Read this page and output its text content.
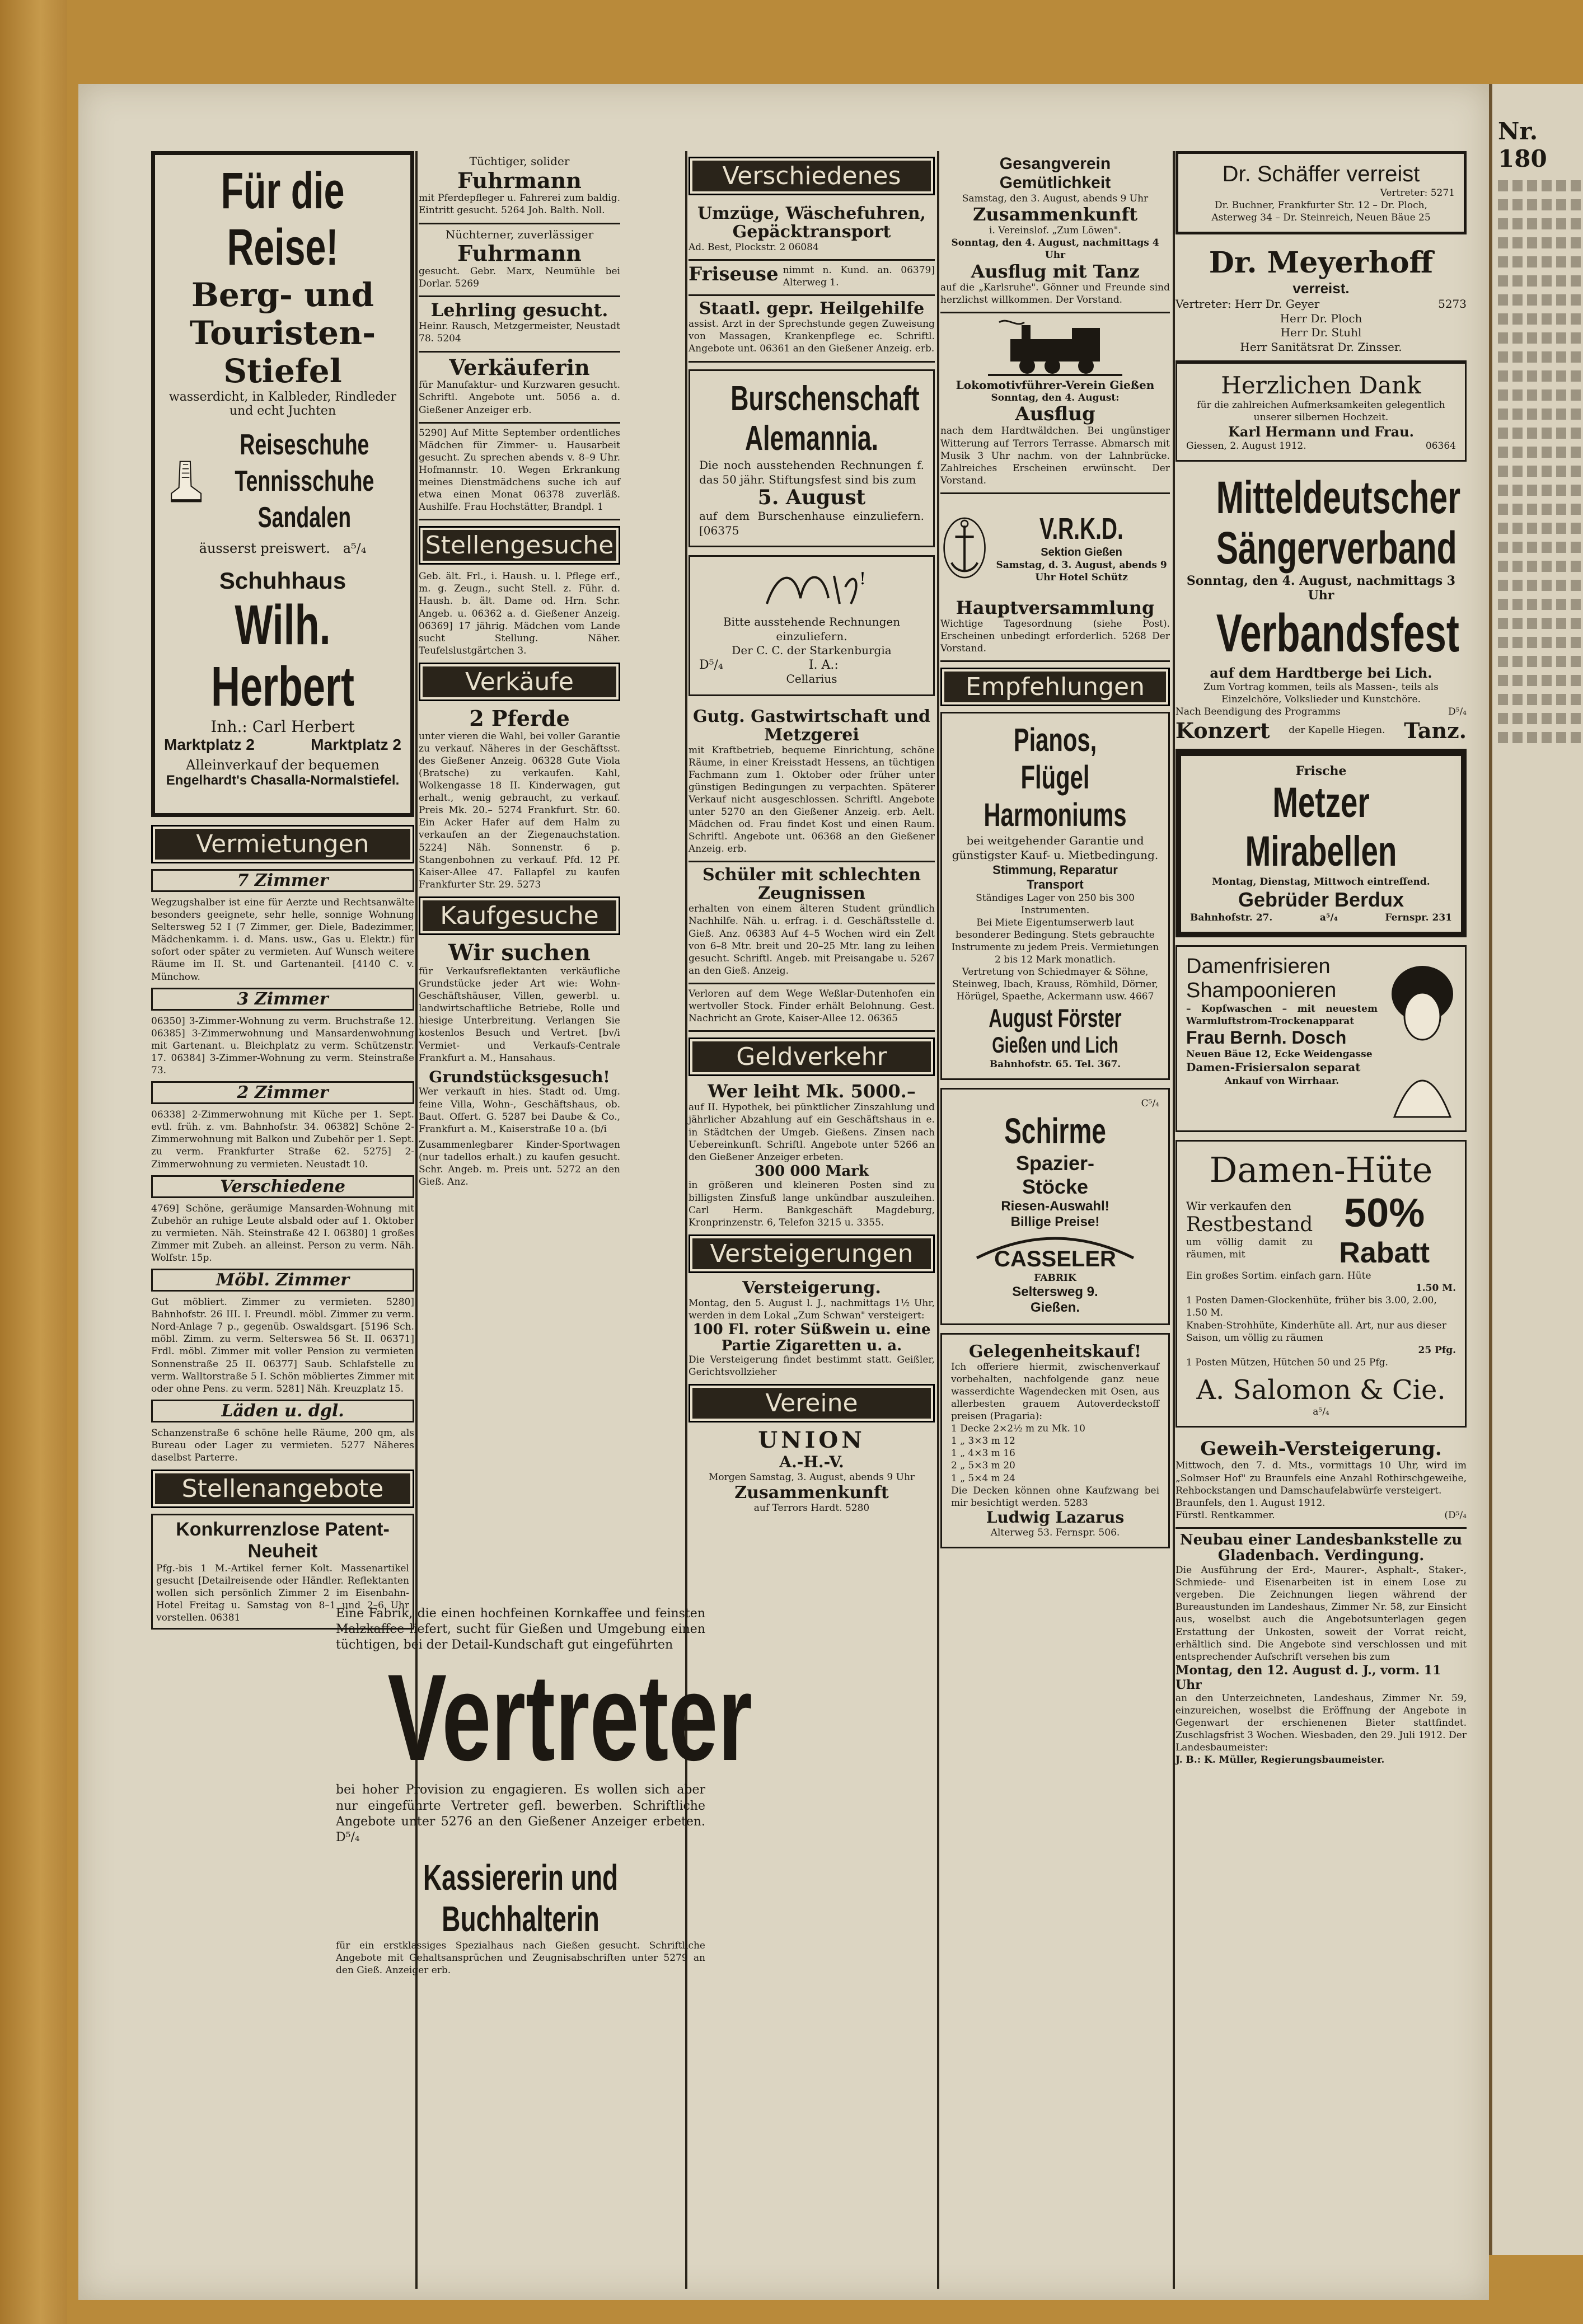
Für die Reise!
Berg- und
Touristen-Stiefel
wasserdicht, in Kalbleder, Rindleder und echt Juchten
Reiseschuhe
Tennisschuhe
Sandalen
äusserst preiswert. a⁵/₄
Schuhhaus
Wilh. Herbert
Inh.: Carl Herbert
Marktplatz 2	Marktplatz 2
Alleinverkauf der bequemen
Engelhardt's Chasalla-Normalstiefel.
Vermietungen
7 Zimmer
Wegzugshalber ist eine für Aerzte und Rechtsanwälte besonders geeignete, sehr helle, sonnige Wohnung Seltersweg 52 I (7 Zimmer, ger. Diele, Badezimmer, Mädchenkamm. i. d. Mans. usw., Gas u. Elektr.) für sofort oder später zu vermieten. Auf Wunsch weitere Räume im II. St. und Gartenanteil. [4140 C. v. Münchow.
3 Zimmer
06350] 3-Zimmer-Wohnung zu verm. Bruchstraße 12. 06385] 3-Zimmerwohnung und Mansardenwohnung mit Gartenant. u. Bleichplatz zu verm. Schützenstr. 17. 06384] 3-Zimmer-Wohnung zu verm. Steinstraße 73.
2 Zimmer
06338] 2-Zimmerwohnung mit Küche per 1. Sept. evtl. früh. z. vm. Bahnhofstr. 34. 06382] Schöne 2-Zimmerwohnung mit Balkon und Zubehör per 1. Sept. zu verm. Frankfurter Straße 62. 5275] 2-Zimmerwohnung zu vermieten. Neustadt 10.
Verschiedene
4769] Schöne, geräumige Mansarden-Wohnung mit Zubehör an ruhige Leute alsbald oder auf 1. Oktober zu vermieten. Näh. Steinstraße 42 I. 06380] 1 großes Zimmer mit Zubeh. an alleinst. Person zu verm. Näh. Wolfstr. 15p.
Möbl. Zimmer
Gut möbliert. Zimmer zu vermieten. 5280] Bahnhofstr. 26 III. I. Freundl. möbl. Zimmer zu verm. Nord-Anlage 7 p., gegenüb. Oswaldsgart. [5196 Sch. möbl. Zimm. zu verm. Selterswea 56 St. II. 06371] Frdl. möbl. Zimmer mit voller Pension zu vermieten Sonnenstraße 25 II. 06377] Saub. Schlafstelle zu verm. Walltorstraße 5 I. Schön möbliertes Zimmer mit oder ohne Pens. zu verm. 5281] Näh. Kreuzplatz 15.
Läden u. dgl.
Schanzenstraße 6 schöne helle Räume, 200 qm, als Bureau oder Lager zu vermieten. 5277 Näheres daselbst Parterre.
Stellenangebote
Konkurrenzlose Patent-Neuheit
Pfg.-bis 1 M.-Artikel ferner Kolt. Massenartikel gesucht [Detailreisende oder Händler. Reflektanten wollen sich persönlich Zimmer 2 im Eisenbahn-Hotel Freitag u. Samstag von 8–1 und 2–6 Uhr vorstellen. 06381
Tüchtiger, solider
Fuhrmann
mit Pferdepfleger u. Fahrerei zum baldig. Eintritt gesucht. 5264 Joh. Balth. Noll.
Nüchterner, zuverlässiger
Fuhrmann
gesucht. Gebr. Marx, Neumühle bei Dorlar. 5269
Lehrling gesucht.
Heinr. Rausch, Metzgermeister, Neustadt 78. 5204
Verkäuferin
für Manufaktur- und Kurzwaren gesucht. Schriftl. Angebote unt. 5056 a. d. Gießener Anzeiger erb.
5290] Auf Mitte September ordentliches Mädchen für Zimmer- u. Hausarbeit gesucht. Zu sprechen abends v. 8–9 Uhr. Hofmannstr. 10. Wegen Erkrankung meines Dienstmädchens suche ich auf etwa einen Monat 06378 zuverläß. Aushilfe. Frau Hochstätter, Brandpl. 1
Stellengesuche
Geb. ält. Frl., i. Haush. u. l. Pflege erf., m. g. Zeugn., sucht Stell. z. Führ. d. Haush. b. ält. Dame od. Hrn. Schr. Angeb. u. 06362 a. d. Gießener Anzeig. 06369] 17 jährig. Mädchen vom Lande sucht Stellung. Näher. Teufelslustgärtchen 3.
Verkäufe
2 Pferde
unter vieren die Wahl, bei voller Garantie zu verkauf. Näheres in der Geschäftsst. des Gießener Anzeig. 06328 Gute Viola (Bratsche) zu verkaufen. Kahl, Wolkengasse 18 II. Kinderwagen, gut erhalt., wenig gebraucht, zu verkauf. Preis Mk. 20.– 5274 Frankfurt. Str. 60. Ein Acker Hafer auf dem Halm zu verkaufen an der Ziegenauchstation. 5224] Näh. Sonnenstr. 6 p. Stangenbohnen zu verkauf. Pfd. 12 Pf. Kaiser-Allee 47. Fallapfel zu kaufen Frankfurter Str. 29. 5273
Kaufgesuche
Wir suchen
für Verkaufsreflektanten verkäufliche Grundstücke jeder Art wie: Wohn-Geschäftshäuser, Villen, gewerbl. u. landwirtschaftliche Betriebe, Rolle und hiesige Unterbreitung. Verlangen Sie kostenlos Besuch und Vertret. [bv/i Vermiet- und Verkaufs-Centrale Frankfurt a. M., Hansahaus.
Grundstücksgesuch!
Wer verkauft in hies. Stadt od. Umg. feine Villa, Wohn-, Geschäftshaus, ob. Baut. Offert. G. 5287 bei Daube & Co., Frankfurt a. M., Kaiserstraße 10 a. (b/i
Zusammenlegbarer Kinder-Sportwagen (nur tadellos erhalt.) zu kaufen gesucht. Schr. Angeb. m. Preis unt. 5272 an den Gieß. Anz.
Verschiedenes
Umzüge, Wäschefuhren, Gepäcktransport
Ad. Best, Plockstr. 2 06084
Friseuse nimmt n. Kund. an. 06379] Alterweg 1.
Staatl. gepr. Heilgehilfe
assist. Arzt in der Sprechstunde gegen Zuweisung von Massagen, Krankenpflege ec. Schriftl. Angebote unt. 06361 an den Gießener Anzeig. erb.
Burschenschaft
Alemannia.
Die noch ausstehenden Rechnungen f. das 50 jähr. Stiftungsfest sind bis zum
5. August
auf dem Burschenhause einzuliefern. [06375
!
Bitte ausstehende Rechnungen einzuliefern.
Der C. C. der Starkenburgia
D⁵/₄	I. A.:
Cellarius
Gutg. Gastwirtschaft und Metzgerei
mit Kraftbetrieb, bequeme Einrichtung, schöne Räume, in einer Kreisstadt Hessens, an tüchtigen Fachmann zum 1. Oktober oder früher unter günstigen Bedingungen zu verpachten. Späterer Verkauf nicht ausgeschlossen. Schriftl. Angebote unter 5270 an den Gießener Anzeig. erb. Aelt. Mädchen od. Frau findet Kost und einen Raum. Schriftl. Angebote unt. 06368 an den Gießener Anzeig. erb.
Schüler mit schlechten Zeugnissen
erhalten von einem älteren Student gründlich Nachhilfe. Näh. u. erfrag. i. d. Geschäftsstelle d. Gieß. Anz. 06383 Auf 4–5 Wochen wird ein Zelt von 6–8 Mtr. breit und 20–25 Mtr. lang zu leihen gesucht. Schriftl. Angeb. mit Preisangabe u. 5267 an den Gieß. Anzeig.
Verloren auf dem Wege Weßlar-Dutenhofen ein wertvoller Stock. Finder erhält Belohnung. Gest. Nachricht an Grote, Kaiser-Allee 12. 06365
Geldverkehr
Wer leiht Mk. 5000.–
auf II. Hypothek, bei pünktlicher Zinszahlung und jährlicher Abzahlung auf ein Geschäftshaus in e. in Städtchen der Umgeb. Gießens. Zinsen nach Uebereinkunft. Schriftl. Angebote unter 5266 an den Gießener Anzeiger erbeten.
300 000 Mark
in größeren und kleineren Posten sind zu billigsten Zinsfuß lange unkündbar auszuleihen. Carl Herm. Bankgeschäft Magdeburg, Kronprinzenstr. 6, Telefon 3215 u. 3355.
Versteigerungen
Versteigerung.
Montag, den 5. August l. J., nachmittags 1½ Uhr, werden in dem Lokal „Zum Schwan" versteigert:
100 Fl. roter Süßwein u. eine Partie Zigaretten u. a.
Die Versteigerung findet bestimmt statt. Geißler, Gerichtsvollzieher
Vereine
UNION
A.-H.-V.
Morgen Samstag, 3. August, abends 9 Uhr
Zusammenkunft
auf Terrors Hardt. 5280
Gesangverein
Gemütlichkeit
Samstag, den 3. August, abends 9 Uhr
Zusammenkunft
i. Vereinslof. „Zum Löwen".
Sonntag, den 4. August, nachmittags 4 Uhr
Ausflug mit Tanz
auf die „Karlsruhe". Gönner und Freunde sind herzlichst willkommen. Der Vorstand.
Lokomotivführer-Verein Gießen
Sonntag, den 4. August:
Ausflug
nach dem Hardtwäldchen. Bei ungünstiger Witterung auf Terrors Terrasse. Abmarsch mit Musik 3 Uhr nachm. von der Lahnbrücke. Zahlreiches Erscheinen erwünscht. Der Vorstand.
V.R.K.D.
Sektion Gießen
Samstag, d. 3. August, abends 9 Uhr Hotel Schütz
Hauptversammlung
Wichtige Tagesordnung (siehe Post). Erscheinen unbedingt erforderlich. 5268 Der Vorstand.
Empfehlungen
Pianos, Flügel
Harmoniums
bei weitgehender Garantie und günstigster Kauf- u. Mietbedingung.
Stimmung, Reparatur
Transport
Ständiges Lager von 250 bis 300 Instrumenten.
Bei Miete Eigentumserwerb laut besonderer Bedingung. Stets gebrauchte Instrumente zu jedem Preis. Vermietungen 2 bis 12 Mark monatlich.
Vertretung von Schiedmayer & Söhne, Steinweg, Ibach, Krauss, Römhild, Dörner, Hörügel, Spaethe, Ackermann usw. 4667
August Förster
Gießen und Lich
Bahnhofstr. 65. Tel. 367.
C⁵/₄
Schirme
Spazier-
Stöcke
Riesen-Auswahl!
Billige Preise!
CASSELER
FABRIK
Seltersweg 9.
Gießen.
Gelegenheitskauf!
Ich offeriere hiermit, zwischenverkauf vorbehalten, nachfolgende ganz neue wasserdichte Wagendecken mit Osen, aus allerbesten grauem Autoverdeckstoff preisen (Pragaria):
1 Decke 2×2½ m zu Mk. 10
1 „ 3×3 m 12
1 „ 4×3 m 16
2 „ 5×3 m 20
1 „ 5×4 m 24
Die Decken können ohne Kaufzwang bei mir besichtigt werden. 5283
Ludwig Lazarus
Alterweg 53. Fernspr. 506.
Dr. Schäffer verreist
Vertreter: 5271
Dr. Buchner, Frankfurter Str. 12 – Dr. Ploch,
Asterweg 34 – Dr. Steinreich, Neuen Bäue 25
Dr. Meyerhoff
verreist.
Vertreter: Herr Dr. Geyer	5273
Herr Dr. Ploch
Herr Dr. Stuhl
Herr Sanitätsrat Dr. Zinsser.
Herzlichen Dank
für die zahlreichen Aufmerksamkeiten gelegentlich unserer silbernen Hochzeit.
Karl Hermann und Frau.
Giessen, 2. August 1912.	06364
Mitteldeutscher
Sängerverband
Sonntag, den 4. August, nachmittags 3 Uhr
Verbandsfest
auf dem Hardtberge bei Lich.
Zum Vortrag kommen, teils als Massen-, teils als Einzelchöre, Volkslieder und Kunstchöre.
Nach Beendigung des Programms	D⁵/₄
Konzert der Kapelle Hiegen. Tanz.
Frische
Metzer Mirabellen
Montag, Dienstag, Mittwoch eintreffend.
Gebrüder Berdux
Bahnhofstr. 27.	a⁵/₄	Fernspr. 231
Damenfrisieren
Shampoonieren
– Kopfwaschen – mit neuestem Warmluftstrom-Trockenapparat
Frau Bernh. Dosch
Neuen Bäue 12, Ecke Weidengasse
Damen-Frisiersalon separat
Ankauf von Wirrhaar.
Damen-Hüte
Wir verkaufen den
Restbestand
um völlig damit zu räumen, mit
50% Rabatt
Ein großes Sortim. einfach garn. Hüte
1.50 M.
1 Posten Damen-Glockenhüte, früher bis 3.00, 2.00, 1.50 M.
Knaben-Strohhüte, Kinderhüte all. Art, nur aus dieser Saison, um völlig zu räumen
25 Pfg.
1 Posten Mützen, Hütchen 50 und 25 Pfg.
A. Salomon & Cie.
a⁵/₄
Geweih-Versteigerung.
Mittwoch, den 7. d. Mts., vormittags 10 Uhr, wird im „Solmser Hof" zu Braunfels eine Anzahl Rothirschgeweihe, Rehbockstangen und Damschaufelabwürfe versteigert.
Braunfels, den 1. August 1912.
Fürstl. Rentkammer.	(D⁵/₄
Neubau einer Landesbankstelle zu Gladenbach. Verdingung.
Die Ausführung der Erd-, Maurer-, Asphalt-, Staker-, Schmiede- und Eisenarbeiten ist in einem Lose zu vergeben. Die Zeichnungen liegen während der Bureaustunden im Landeshaus, Zimmer Nr. 58, zur Einsicht aus, woselbst auch die Angebotsunterlagen gegen Erstattung der Unkosten, soweit der Vorrat reicht, erhältlich sind. Die Angebote sind verschlossen und mit entsprechender Aufschrift versehen bis zum
Montag, den 12. August d. J., vorm. 11 Uhr
an den Unterzeichneten, Landeshaus, Zimmer Nr. 59, einzureichen, woselbst die Eröffnung der Angebote in Gegenwart der erschienenen Bieter stattfindet. Zuschlagsfrist 3 Wochen. Wiesbaden, den 29. Juli 1912. Der Landesbaumeister:
J. B.: K. Müller, Regierungsbaumeister.
Nr. 180
Eine Fabrik, die einen hochfeinen Kornkaffee und feinsten Malzkaffee liefert, sucht für Gießen und Umgebung einen tüchtigen, bei der Detail-Kundschaft gut eingeführten
Vertreter
bei hoher Provision zu engagieren. Es wollen sich aber nur eingeführte Vertreter gefl. bewerben. Schriftliche Angebote unter 5276 an den Gießener Anzeiger erbeten. D⁵/₄
Kassiererin und Buchhalterin
für ein erstklassiges Spezialhaus nach Gießen gesucht. Schriftliche Angebote mit Gehaltsansprüchen und Zeugnisabschriften unter 5279 an den Gieß. Anzeiger erb.
